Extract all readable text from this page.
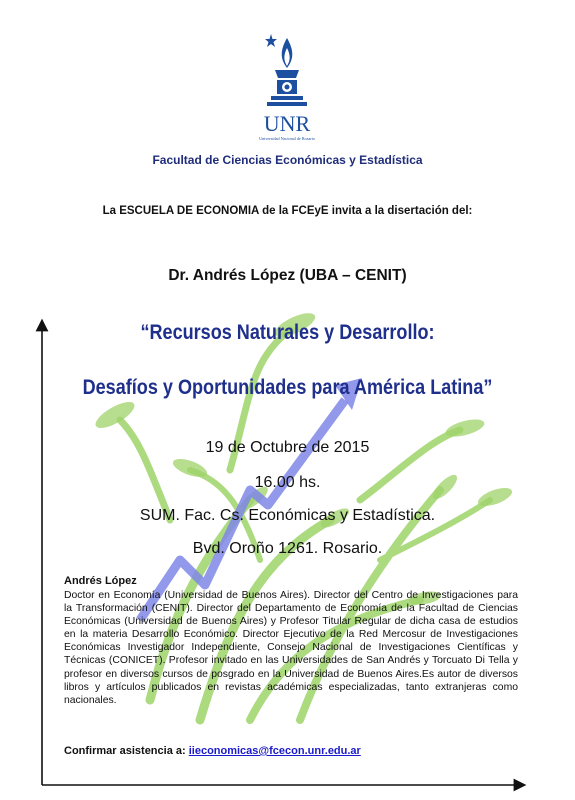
UNR
Universidad Nacional de Rosario
Facultad de Ciencias Económicas y Estadística
La ESCUELA DE ECONOMIA de la FCEyE invita a la disertación del:
Dr. Andrés López (UBA – CENIT)
“Recursos Naturales y Desarrollo:
Desafíos y Oportunidades para América Latina”
19 de Octubre de 2015
16.00 hs.
SUM. Fac. Cs. Económicas y Estadística.
Bvd. Oroño 1261. Rosario.
Andrés López
Doctor en Economía (Universidad de Buenos Aires). Director del Centro de Investigaciones para la Transformación (CENIT). Director del Departamento de Economía de la Facultad de Ciencias Económicas (Universidad de Buenos Aires) y Profesor Titular Regular de dicha casa de estudios en la materia Desarrollo Económico. Director Ejecutivo de la Red Mercosur de Investigaciones Económicas Investigador Independiente, Consejo Nacional de Investigaciones Científicas y Técnicas (CONICET). Profesor invitado en las Universidades de San Andrés y Torcuato Di Tella y profesor en diversos cursos de posgrado en la Universidad de Buenos Aires.Es autor de diversos libros y artículos publicados en revistas académicas especializadas, tanto extranjeras como nacionales.
Confirmar asistencia a: iieconomicas@fcecon.unr.edu.ar
